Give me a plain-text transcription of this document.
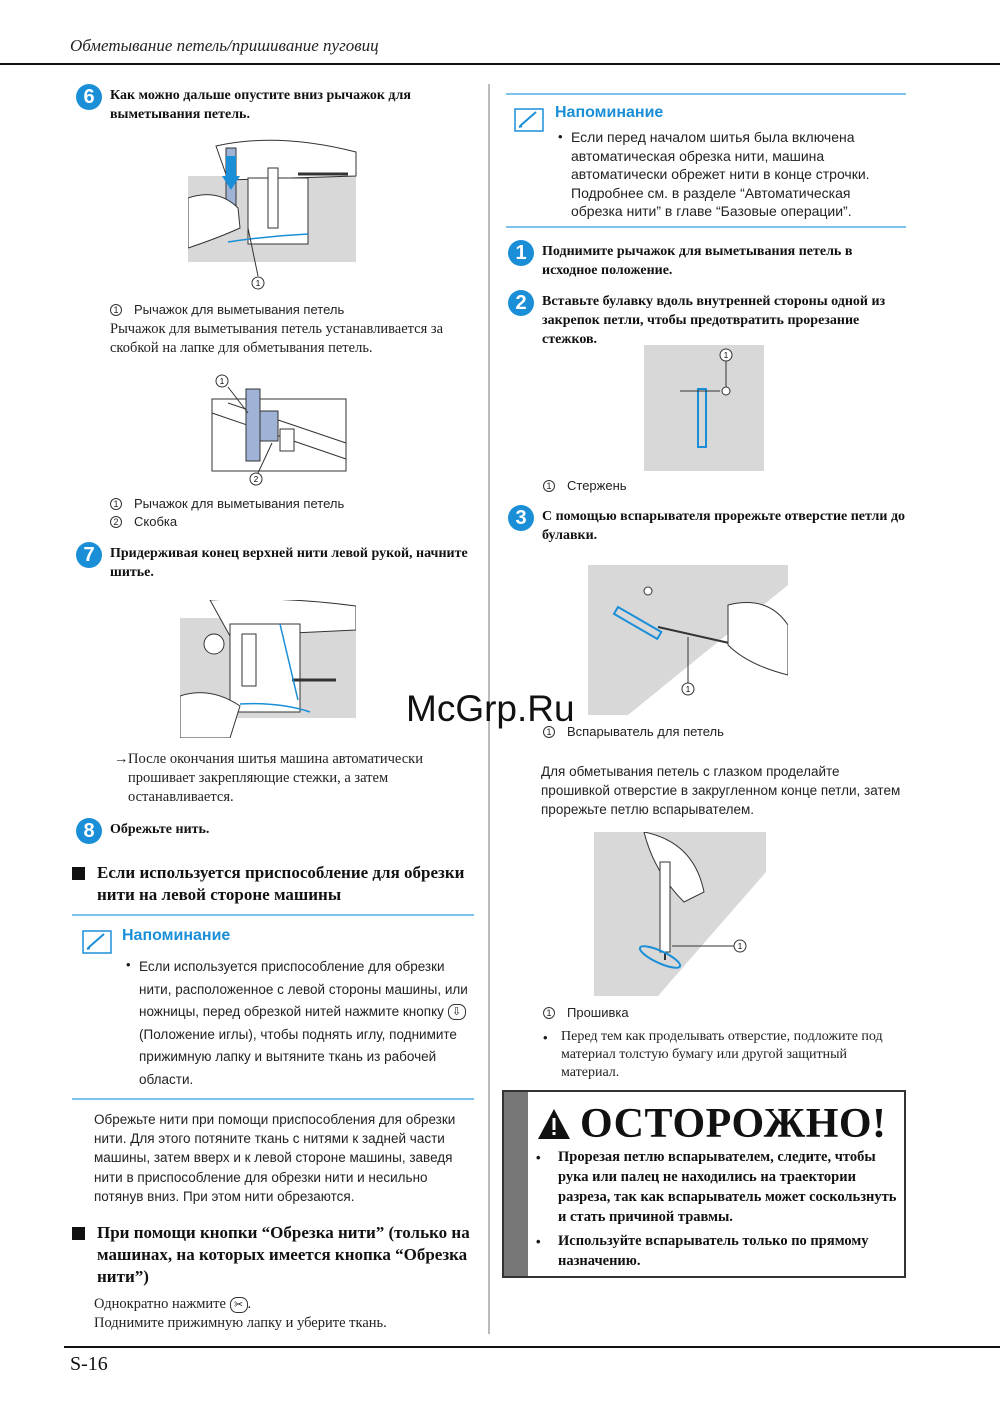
Обметывание петель/пришивание пуговиц
S-16
6	Как можно дальше опустите вниз рычажок для выметывания петель.
1
1 Рычажок для выметывания петель
Рычажок для выметывания петель устанавливается за скобкой на лапке для обметывания петель.
1
2
1 Рычажок для выметывания петель
2 Скобка
7	Придерживая конец верхней нити левой рукой, начните шитье.
→ После окончания шитья машина автоматически прошивает закрепляющие стежки, а затем останавливается.
8	Обрежьте нить.
Если используется приспособление для обрезки нити на левой стороне машины
Напоминание
• Если используется приспособление для обрезки нити, расположенное с левой стороны машины, или ножницы, перед обрезкой нитей нажмите кнопку ⇩ (Положение иглы), чтобы поднять иглу, поднимите прижимную лапку и вытяните ткань из рабочей области.
Обрежьте нити при помощи приспособления для обрезки нити. Для этого потяните ткань с нитями к задней части машины, затем вверх и к левой стороне машины, заведя нити в приспособление для обрезки нити и несильно потянув вниз. При этом нити обрезаются.
При помощи кнопки “Обрезка нити” (только на машинах, на которых имеется кнопка “Обрезка нити”)
Однократно нажмите ✂ .
Поднимите прижимную лапку и уберите ткань.
Напоминание
• Если перед началом шитья была включена автоматическая обрезка нити, машина автоматически обрежет нити в конце строчки. Подробнее см. в разделе “Автоматическая обрезка нити” в главе “Базовые операции”.
1	Поднимите рычажок для выметывания петель в исходное положение.
2	Вставьте булавку вдоль внутренней стороны одной из закрепок петли, чтобы предотвратить прорезание стежков.
1
1 Стержень
3	С помощью вспарывателя прорежьте отверстие петли до булавки.
1
1 Вспарыватель для петель
Для обметывания петель с глазком проделайте прошивкой отверстие в закругленном конце петли, затем прорежьте петлю вспарывателем.
1
1 Прошивка
• Перед тем как проделывать отверстие, подложите под материал толстую бумагу или другой защитный материал.
ОСТОРОЖНО!
• Прорезая петлю вспарывателем, следите, чтобы рука или палец не находились на траектории разреза, так как вспарыватель может соскользнуть и стать причиной травмы.
• Используйте вспарыватель только по прямому назначению.
McGrp.Ru
